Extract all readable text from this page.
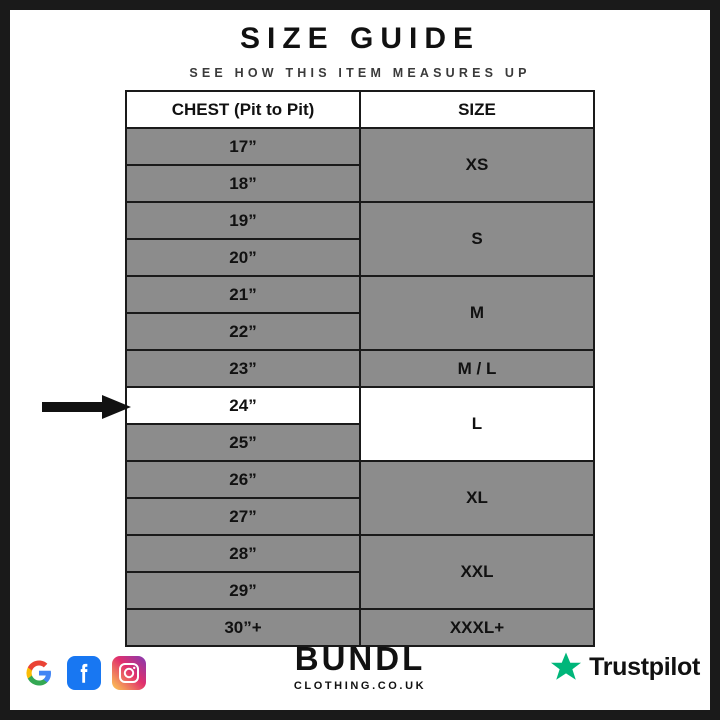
SIZE GUIDE
SEE HOW THIS ITEM MEASURES UP
CHEST (Pit to Pit)	SIZE
17”	XS
18”	
19”	S
20”	
21”	M
22”	
23”	M / L
24”	L
25”	
26”	XL
27”	
28”	XXL
29”	
30”+	XXXL+
BUNDL
CLOTHING.CO.UK
Trustpilot
